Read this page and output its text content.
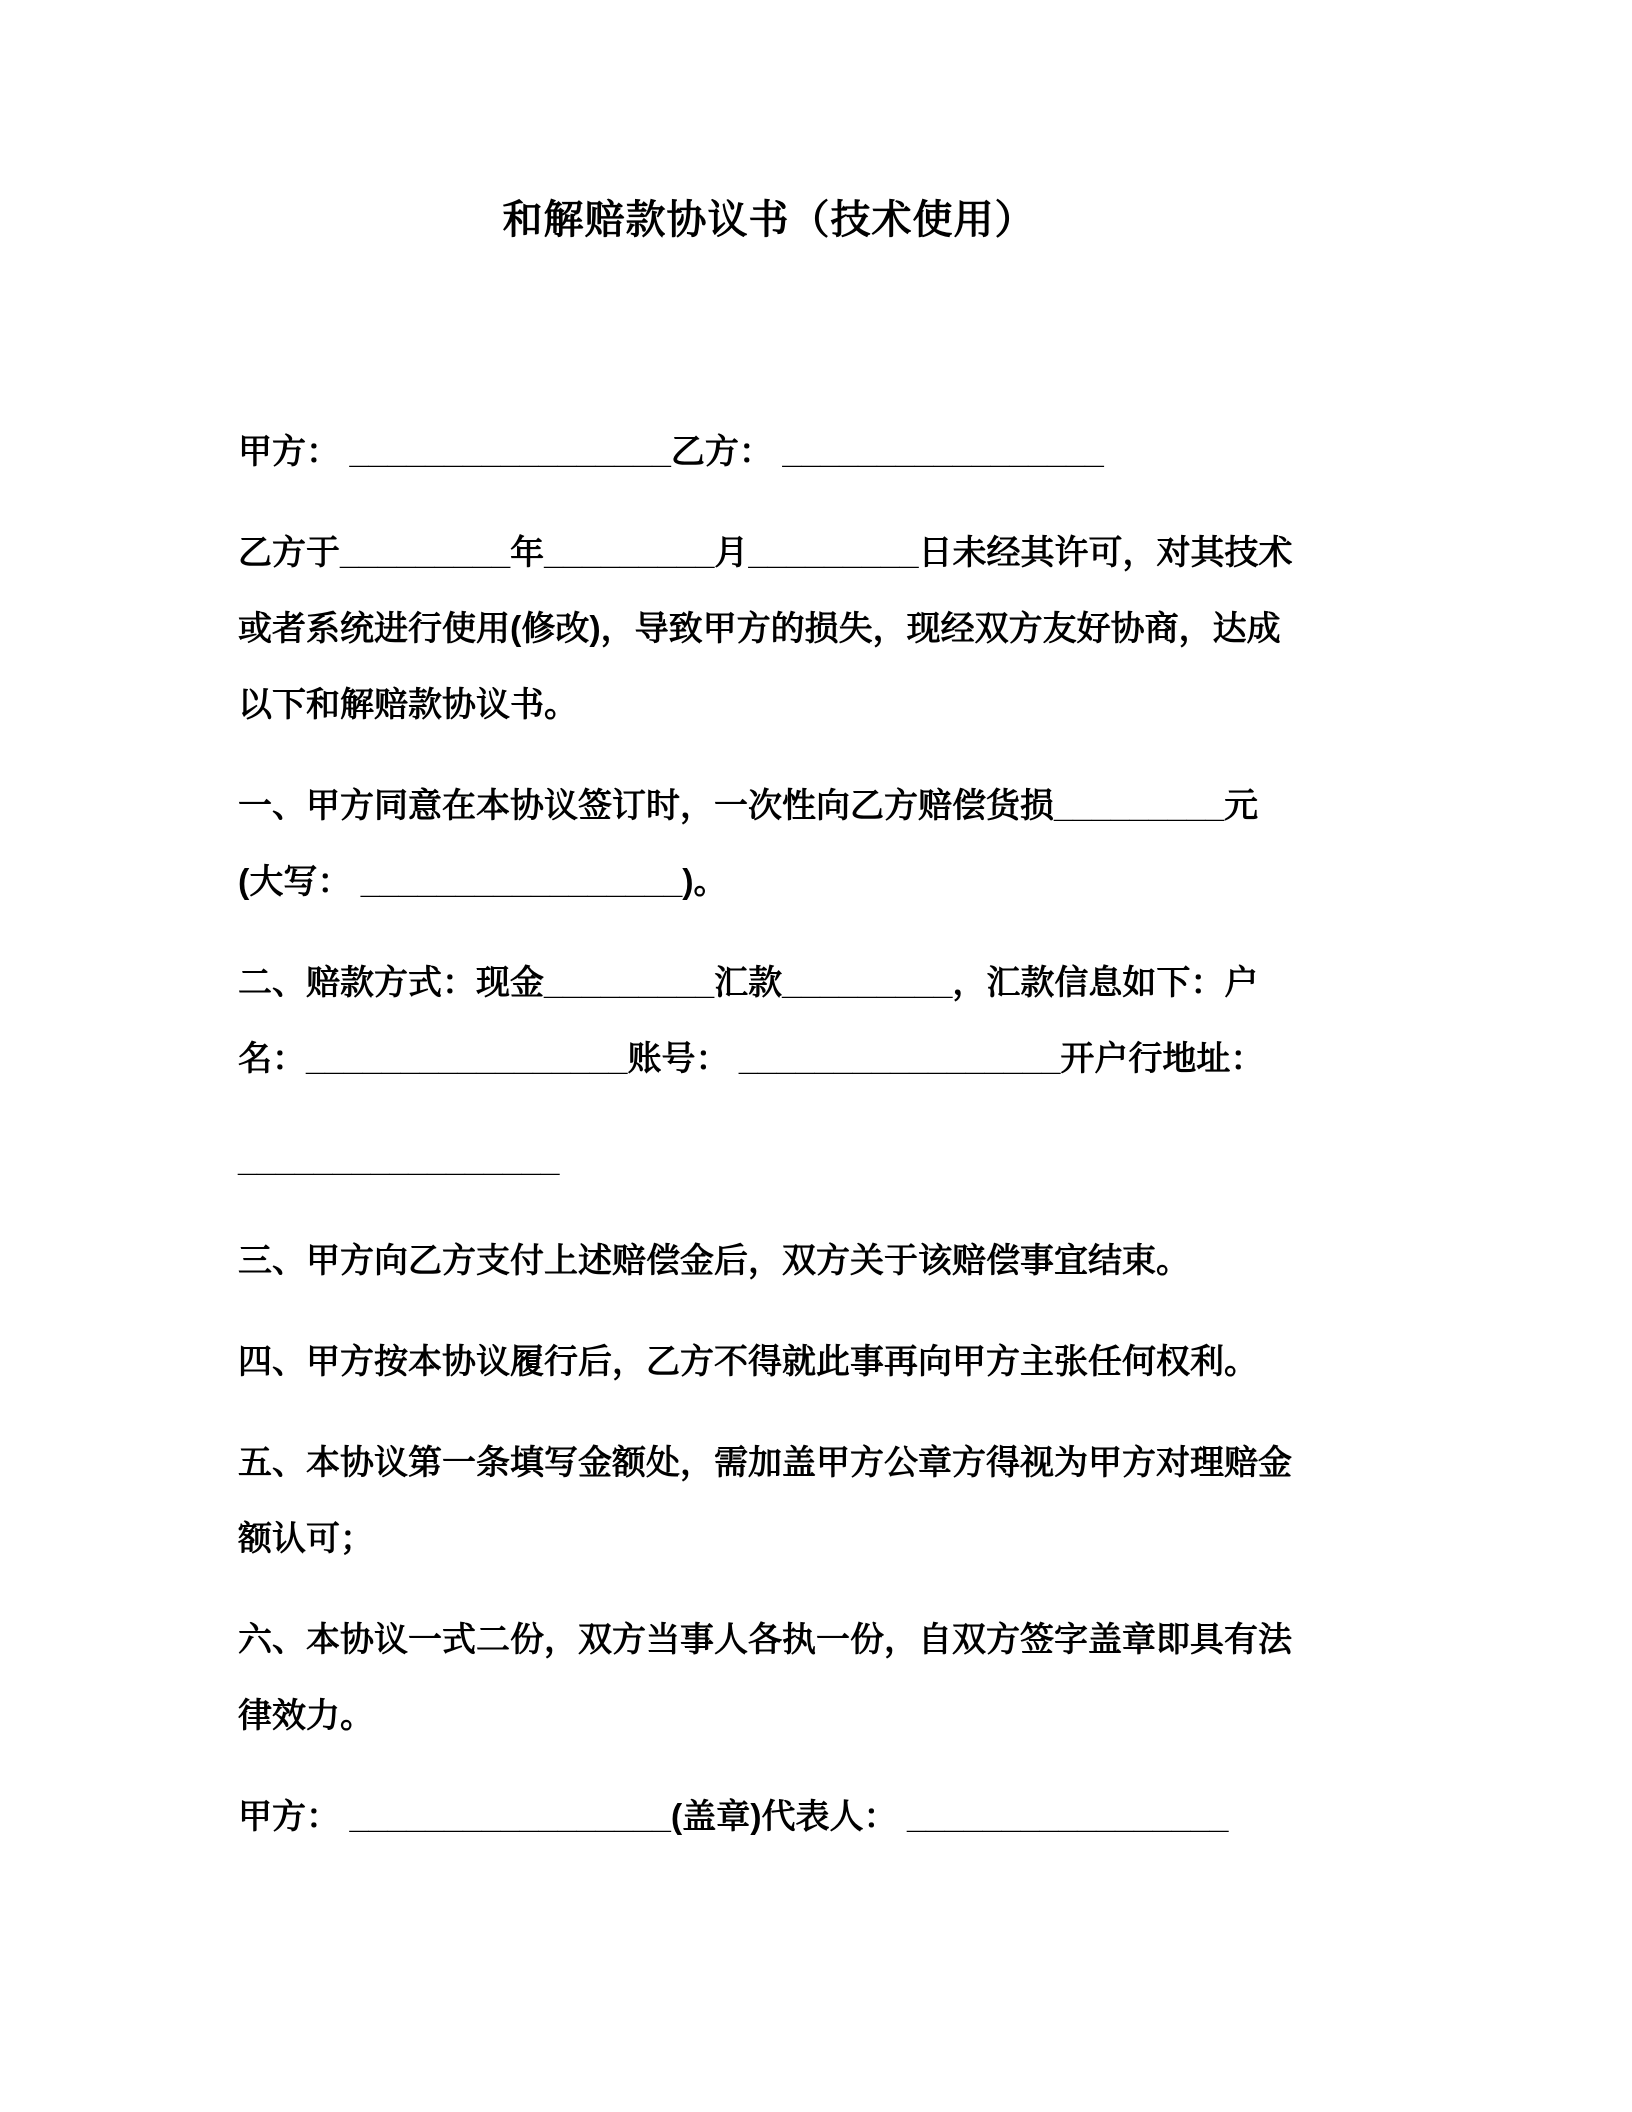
和解赔款协议书（技术使用）

甲方： _________________乙方： _________________

乙方于_________年_________月_________日未经其许可，对其技术或者系统进行使用(修改)，导致甲方的损失，现经双方友好协商，达成以下和解赔款协议书。

一、甲方同意在本协议签订时，一次性向乙方赔偿货损_________元(大写： _________________)。

二、赔款方式：现金_________汇款_________，汇款信息如下：户名：_________________账号： _________________开户行地址：

_________________

三、甲方向乙方支付上述赔偿金后，双方关于该赔偿事宜结束。

四、甲方按本协议履行后，乙方不得就此事再向甲方主张任何权利。

五、本协议第一条填写金额处，需加盖甲方公章方得视为甲方对理赔金额认可；

六、本协议一式二份，双方当事人各执一份，自双方签字盖章即具有法律效力。

甲方： _________________(盖章)代表人： _________________
